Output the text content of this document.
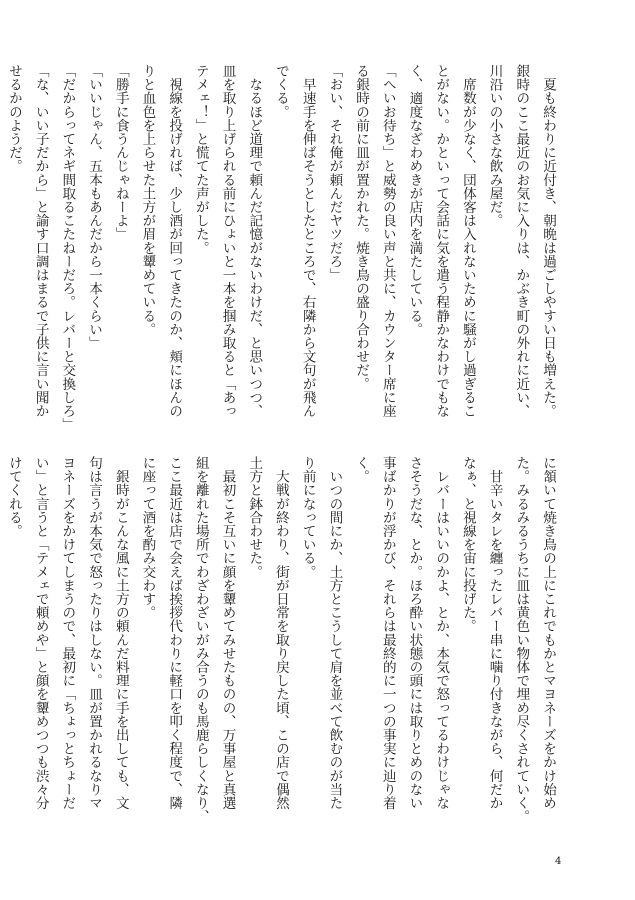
　夏も終わりに近付き、朝晩は過ごしやすい日も増えた。

銀時のここ最近のお気に入りは、かぶき町の外れに近い、

川沿いの小さな飲み屋だ。

　席数が少なく、団体客は入れないために騒がし過ぎるこ

とがない。かといって会話に気を遣う程静かなわけでもな

く、適度なざわめきが店内を満たしている。

「へいお待ち」と威勢の良い声と共に、カウンター席に座

る銀時の前に皿が置かれた。焼き鳥の盛り合わせだ。

「おい、それ俺が頼んだヤツだろ」

　早速手を伸ばそうとしたところで、右隣から文句が飛ん

でくる。

　なるほど道理で頼んだ記憶がないわけだ、と思いつつ、

皿を取り上げられる前にひょいと一本を掴み取ると「あっ

テメェ！」と慌てた声がした。

　視線を投げれば、少し酒が回ってきたのか、頬にほんの

りと血色を上らせた土方が眉を顰めている。

「勝手に食うんじゃねーよ」

「いいじゃん、五本もあんだから一本くらい」

「だからってネギ間取るこたねーだろ。レバーと交換しろ」

「な、いい子だから」と諭す口調はまるで子供に言い聞か

せるかのようだ。

に頷いて焼き鳥の上にこれでもかとマヨネーズをかけ始め

た。みるみるうちに皿は黄色い物体で埋め尽くされていく。

　甘辛いタレを纏ったレバー串に噛り付きながら、何だか

なぁ、と視線を宙に投げた。

　レバーはいいのかよ、とか、本気で怒ってるわけじゃな

さそうだな、とか。ほろ酔い状態の頭には取りとめのない

事ばかりが浮かび、それらは最終的に一つの事実に辿り着

く。

　いつの間にか、土方とこうして肩を並べて飲むのが当た

り前になっている。

　大戦が終わり、街が日常を取り戻した頃、この店で偶然

土方と鉢合わせた。

　最初こそ互いに顔を顰めてみせたものの、万事屋と真選

組を離れた場所でわざわざいがみ合うのも馬鹿らしくなり、

ここ最近は店で会えば挨拶代わりに軽口を叩く程度で、隣

に座って酒を酌み交わす。

　銀時がこんな風に土方の頼んだ料理に手を出しても、文

句は言うが本気で怒ったりはしない。皿が置かれるなりマ

ヨネーズをかけてしまうので、最初に「ちょっとちょーだ

い」と言うと「テメェで頼めや」と顔を顰めつつも渋々分

けてくれる。

4
